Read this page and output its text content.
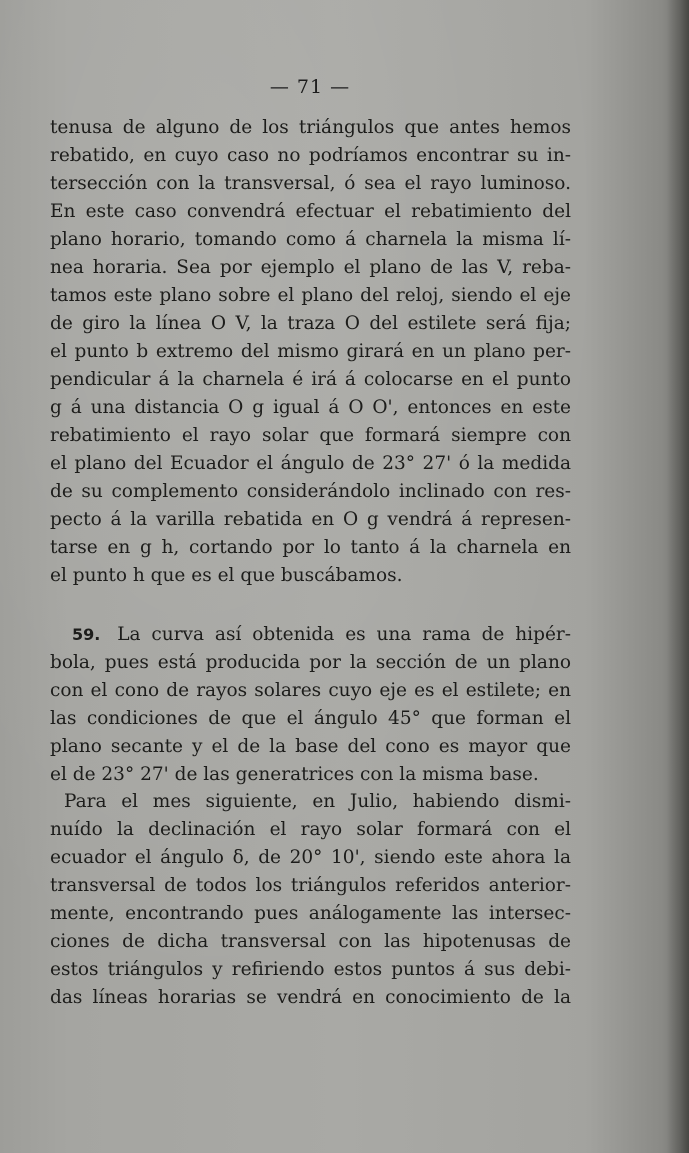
— 71 —
tenusa de alguno de los triángulos que antes hemos
rebatido, en cuyo caso no podríamos encontrar su in-
tersección con la transversal, ó sea el rayo luminoso.
En este caso convendrá efectuar el rebatimiento del
plano horario, tomando como á charnela la misma lí-
nea horaria. Sea por ejemplo el plano de las V, reba-
tamos este plano sobre el plano del reloj, siendo el eje
de giro la línea O V, la traza O del estilete será fija;
el punto b extremo del mismo girará en un plano per-
pendicular á la charnela é irá á colocarse en el punto
g á una distancia O g igual á O O', entonces en este
rebatimiento el rayo solar que formará siempre con
el plano del Ecuador el ángulo de 23° 27' ó la medida
de su complemento considerándolo inclinado con res-
pecto á la varilla rebatida en O g vendrá á represen-
tarse en g h, cortando por lo tanto á la charnela en
el punto h que es el que buscábamos.
59. La curva así obtenida es una rama de hipér-
bola, pues está producida por la sección de un plano
con el cono de rayos solares cuyo eje es el estilete; en
las condiciones de que el ángulo 45° que forman el
plano secante y el de la base del cono es mayor que
el de 23° 27' de las generatrices con la misma base.
Para el mes siguiente, en Julio, habiendo dismi-
nuído la declinación el rayo solar formará con el
ecuador el ángulo δ, de 20° 10', siendo este ahora la
transversal de todos los triángulos referidos anterior-
mente, encontrando pues análogamente las intersec-
ciones de dicha transversal con las hipotenusas de
estos triángulos y refiriendo estos puntos á sus debi-
das líneas horarias se vendrá en conocimiento de la
